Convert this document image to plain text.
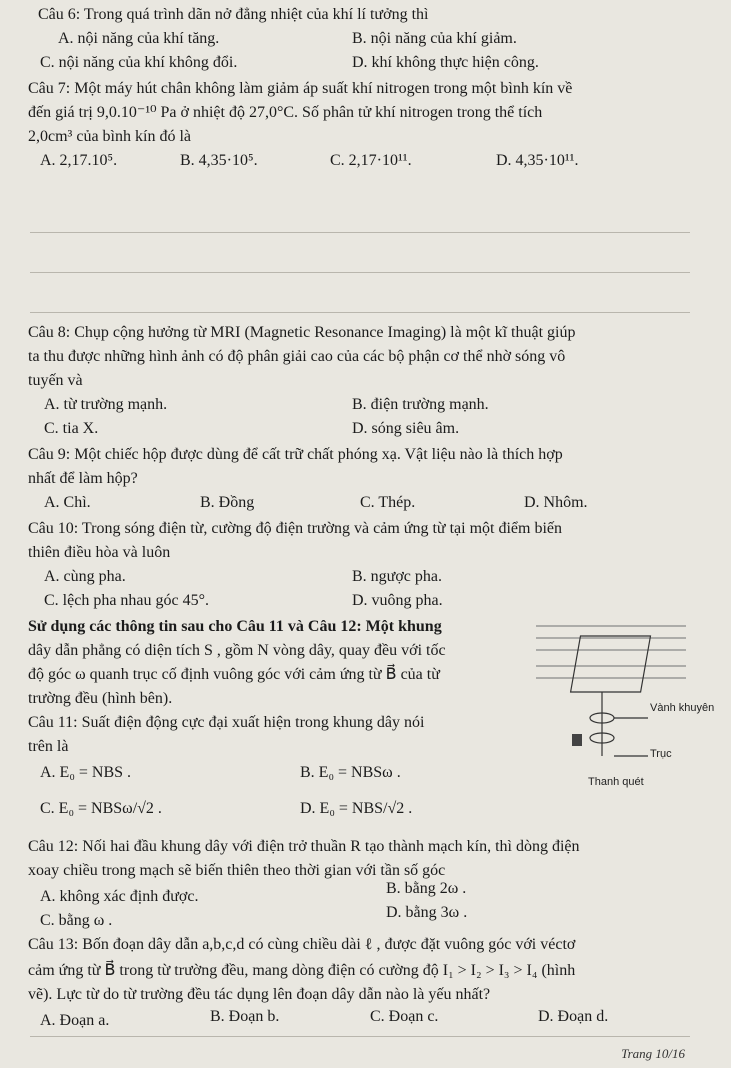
Câu 6: Trong quá trình dãn nở đẳng nhiệt của khí lí tưởng thì
A. nội năng của khí tăng.	B. nội năng của khí giảm.
C. nội năng của khí không đổi.	D. khí không thực hiện công.
Câu 7: Một máy hút chân không làm giảm áp suất khí nitrogen trong một bình kín về
đến giá trị 9,0.10⁻¹⁰ Pa ở nhiệt độ 27,0°C. Số phân tử khí nitrogen trong thể tích
2,0cm³ của bình kín đó là
A. 2,17.10⁵.	B. 4,35·10⁵.	C. 2,17·10¹¹.	D. 4,35·10¹¹.
Câu 8: Chụp cộng hưởng từ MRI (Magnetic Resonance Imaging) là một kĩ thuật giúp
ta thu được những hình ảnh có độ phân giải cao của các bộ phận cơ thể nhờ sóng vô
tuyến và
A. từ trường mạnh.	B. điện trường mạnh.
C. tia X.	D. sóng siêu âm.
Câu 9: Một chiếc hộp được dùng để cất trữ chất phóng xạ. Vật liệu nào là thích hợp
nhất để làm hộp?
A. Chì.	B. Đồng	C. Thép.	D. Nhôm.
Câu 10: Trong sóng điện từ, cường độ điện trường và cảm ứng từ tại một điểm biến
thiên điều hòa và luôn
A. cùng pha.	B. ngược pha.
C. lệch pha nhau góc 45°.	D. vuông pha.
Sử dụng các thông tin sau cho Câu 11 và Câu 12: Một khung
dây dẫn phẳng có diện tích S , gồm N vòng dây, quay đều với tốc
độ góc ω quanh trục cố định vuông góc với cảm ứng từ B⃗ của từ
trường đều (hình bên).
Câu 11: Suất điện động cực đại xuất hiện trong khung dây nói
trên là
A. E₀ = NBS .	B. E₀ = NBSω .
C. E₀ = NBSω/√2 .	D. E₀ = NBS/√2 .
Vành khuyên
Trục
Thanh quét
Câu 12: Nối hai đầu khung dây với điện trở thuần R tạo thành mạch kín, thì dòng điện
xoay chiều trong mạch sẽ biến thiên theo thời gian với tần số góc
A. không xác định được.	B. bằng 2ω .
C. bằng ω .	D. bằng 3ω .
Câu 13: Bốn đoạn dây dẫn a,b,c,d có cùng chiều dài ℓ , được đặt vuông góc với véctơ
cảm ứng từ B⃗ trong từ trường đều, mang dòng điện có cường độ I₁ > I₂ > I₃ > I₄ (hình
vẽ). Lực từ do từ trường đều tác dụng lên đoạn dây dẫn nào là yếu nhất?
A. Đoạn a.	B. Đoạn b.	C. Đoạn c.	D. Đoạn d.
Trang 10/16
